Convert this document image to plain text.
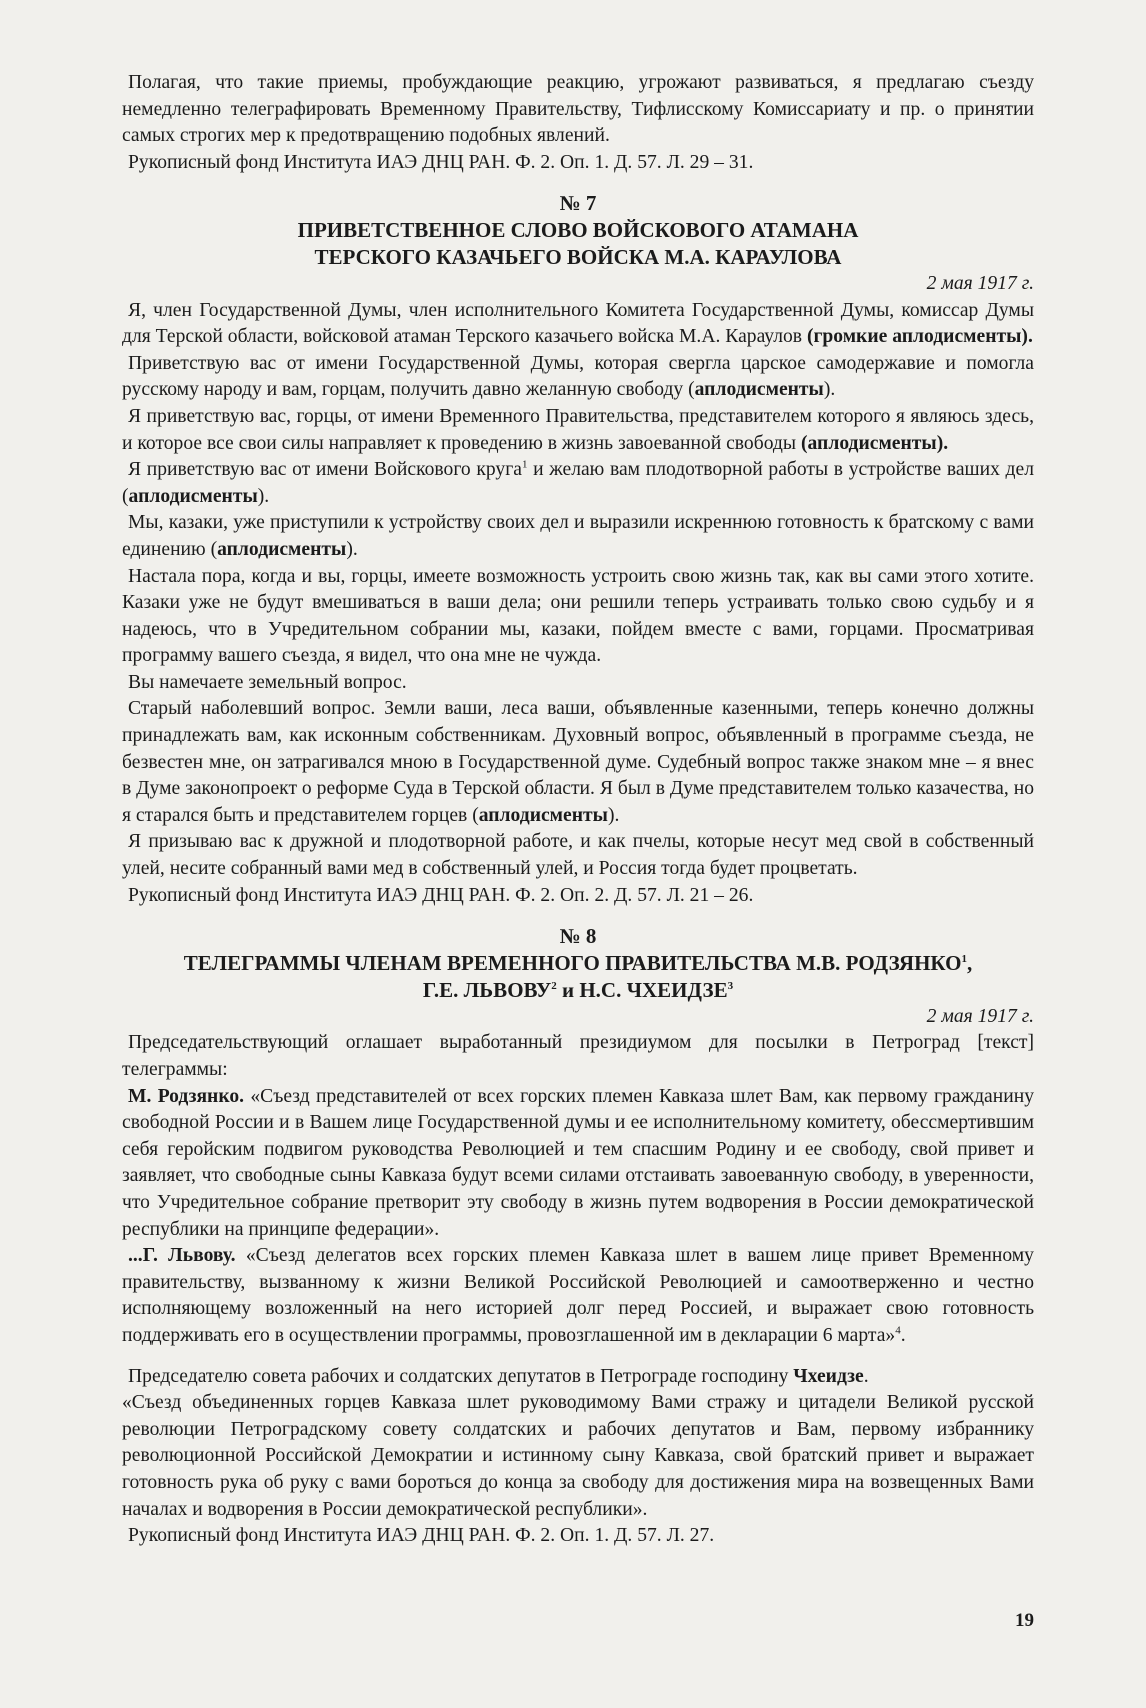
Полагая, что такие приемы, пробуждающие реакцию, угрожают развиваться, я предлагаю съезду немедленно телеграфировать Временному Правительству, Тифлисскому Комиссариату и пр. о принятии самых строгих мер к предотвращению подобных явлений.

Рукописный фонд Института ИАЭ ДНЦ РАН. Ф. 2. Оп. 1. Д. 57. Л. 29 – 31.

№ 7
ПРИВЕТСТВЕННОЕ СЛОВО ВОЙСКОВОГО АТАМАНА
ТЕРСКОГО КАЗАЧЬЕГО ВОЙСКА М.А. КАРАУЛОВА
2 мая 1917 г.

Я, член Государственной Думы, член исполнительного Комитета Государственной Думы, комиссар Думы для Терской области, войсковой атаман Терского казачьего войска М.А. Караулов (громкие аплодисменты).

Приветствую вас от имени Государственной Думы, которая свергла царское самодержавие и помогла русскому народу и вам, горцам, получить давно желанную свободу (аплодисменты).

Я приветствую вас, горцы, от имени Временного Правительства, представителем которого я являюсь здесь, и которое все свои силы направляет к проведению в жизнь завоеванной свободы (аплодисменты).

Я приветствую вас от имени Войскового круга$^1$ и желаю вам плодотворной работы в устройстве ваших дел (аплодисменты).

Мы, казаки, уже приступили к устройству своих дел и выразили искреннюю готовность к братскому с вами единению (аплодисменты).

Настала пора, когда и вы, горцы, имеете возможность устроить свою жизнь так, как вы сами этого хотите. Казаки уже не будут вмешиваться в ваши дела; они решили теперь устраивать только свою судьбу и я надеюсь, что в Учредительном собрании мы, казаки, пойдем вместе с вами, горцами. Просматривая программу вашего съезда, я видел, что она мне не чужда.

Вы намечаете земельный вопрос.

Старый наболевший вопрос. Земли ваши, леса ваши, объявленные казенными, теперь конечно должны принадлежать вам, как исконным собственникам. Духовный вопрос, объявленный в программе съезда, не безвестен мне, он затрагивался мною в Государственной думе. Судебный вопрос также знаком мне – я внес в Думе законопроект о реформе Суда в Терской области. Я был в Думе представителем только казачества, но я старался быть и представителем горцев (аплодисменты).

Я призываю вас к дружной и плодотворной работе, и как пчелы, которые несут мед свой в собственный улей, несите собранный вами мед в собственный улей, и Россия тогда будет процветать.

Рукописный фонд Института ИАЭ ДНЦ РАН. Ф. 2. Оп. 2. Д. 57. Л. 21 – 26.

№ 8
ТЕЛЕГРАММЫ ЧЛЕНАМ ВРЕМЕННОГО ПРАВИТЕЛЬСТВА М.В. РОДЗЯНКО$^1$,
Г.Е. ЛЬВОВУ$^2$ и Н.С. ЧХЕИДЗЕ$^3$
2 мая 1917 г.

Председательствующий оглашает выработанный президиумом для посылки в Петроград [текст] телеграммы:

М. Родзянко. «Съезд представителей от всех горских племен Кавказа шлет Вам, как первому гражданину свободной России и в Вашем лице Государственной думы и ее исполнительному комитету, обессмертившим себя геройским подвигом руководства Революцией и тем спасшим Родину и ее свободу, свой привет и заявляет, что свободные сыны Кавказа будут всеми силами отстаивать завоеванную свободу, в уверенности, что Учредительное собрание претворит эту свободу в жизнь путем водворения в России демократической республики на принципе федерации».

...Г. Львову. «Съезд делегатов всех горских племен Кавказа шлет в вашем лице привет Временному правительству, вызванному к жизни Великой Российской Революцией и самоотверженно и честно исполняющему возложенный на него историей долг перед Россией, и выражает свою готовность поддерживать его в осуществлении программы, провозглашенной им в декларации 6 марта»$^4$.

Председателю совета рабочих и солдатских депутатов в Петрограде господину Чхеидзе.

«Съезд объединенных горцев Кавказа шлет руководимому Вами стражу и цитадели Великой русской революции Петроградскому совету солдатских и рабочих депутатов и Вам, первому избраннику революционной Российской Демократии и истинному сыну Кавказа, свой братский привет и выражает готовность рука об руку с вами бороться до конца за свободу для достижения мира на возвещенных Вами началах и водворения в России демократической республики».

Рукописный фонд Института ИАЭ ДНЦ РАН. Ф. 2. Оп. 1. Д. 57. Л. 27.

19
